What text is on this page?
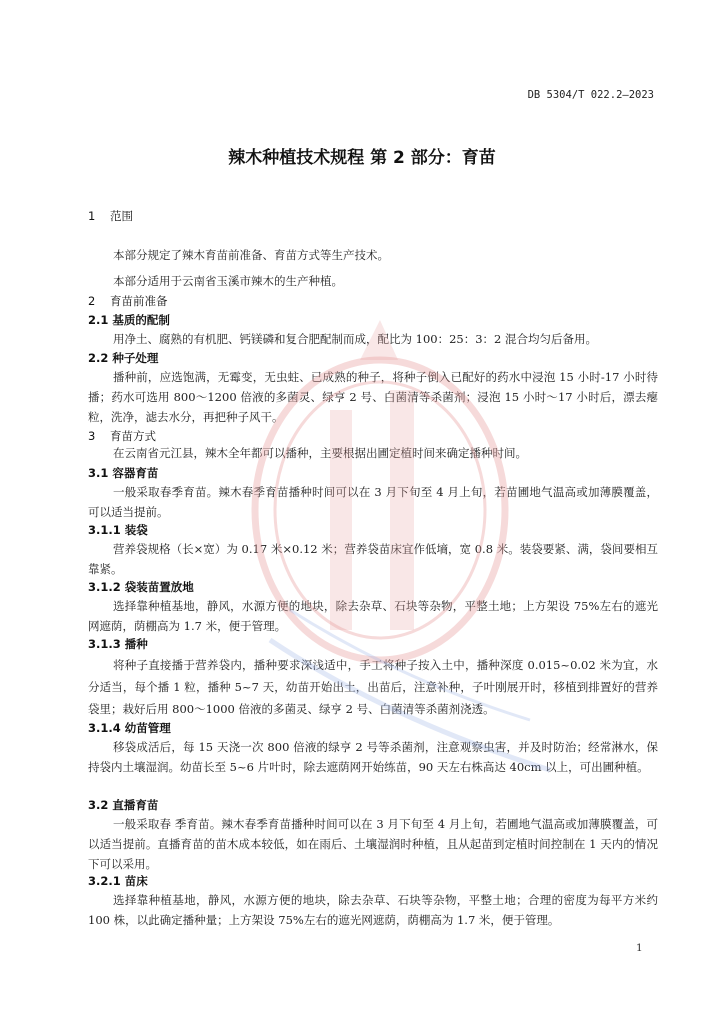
DB 5304/T 022.2—2023
辣木种植技术规程 第 2 部分：育苗
1 范围
本部分规定了辣木育苗前准备、育苗方式等生产技术。
本部分适用于云南省玉溪市辣木的生产种植。
2 育苗前准备
2.1 基质的配制
用净土、腐熟的有机肥、钙镁磷和复合肥配制而成，配比为 100：25：3：2 混合均匀后备用。
2.2 种子处理
播种前，应选饱满，无霉变，无虫蛀、已成熟的种子，将种子倒入已配好的药水中浸泡 15 小时-17 小时待播；药水可选用 800～1200 倍液的多菌灵、绿亨 2 号、白菌清等杀菌剂；浸泡 15 小时～17 小时后，漂去瘪粒，洗净，滤去水分，再把种子风干。
3 育苗方式
在云南省元江县，辣木全年都可以播种，主要根据出圃定植时间来确定播种时间。
3.1 容器育苗
一般采取春季育苗。辣木春季育苗播种时间可以在 3 月下旬至 4 月上旬，若苗圃地气温高或加薄膜覆盖，可以适当提前。
3.1.1 装袋
营养袋规格（长×宽）为 0.17 米×0.12 米；营养袋苗床宜作低墒，宽 0.8 米。装袋要紧、满，袋间要相互靠紧。
3.1.2 袋装苗置放地
选择靠种植基地，静风，水源方便的地块，除去杂草、石块等杂物，平整土地；上方架设 75%左右的遮光网遮荫，荫棚高为 1.7 米，便于管理。
3.1.3 播种
将种子直接播于营养袋内，播种要求深浅适中，手工将种子按入土中，播种深度 0.015~0.02 米为宜，水分适当，每个播 1 粒，播种 5~7 天，幼苗开始出土，出苗后，注意补种，子叶刚展开时，移植到排置好的营养袋里；栽好后用 800～1000 倍液的多菌灵、绿亨 2 号、白菌清等杀菌剂浇透。
3.1.4 幼苗管理
移袋成活后，每 15 天浇一次 800 倍液的绿亨 2 号等杀菌剂，注意观察虫害，并及时防治；经常淋水，保持袋内土壤湿润。幼苗长至 5~6 片叶时，除去遮荫网开始练苗，90 天左右株高达 40cm 以上，可出圃种植。
3.2 直播育苗
一般采取春 季育苗。辣木春季育苗播种时间可以在 3 月下旬至 4 月上旬，若圃地气温高或加薄膜覆盖，可以适当提前。直播育苗的苗木成本较低，如在雨后、土壤湿润时种植，且从起苗到定植时间控制在 1 天内的情况下可以采用。
3.2.1 苗床
选择靠种植基地，静风，水源方便的地块，除去杂草、石块等杂物，平整土地；合理的密度为每平方米约 100 株，以此确定播种量；上方架设 75%左右的遮光网遮荫，荫棚高为 1.7 米，便于管理。
1
